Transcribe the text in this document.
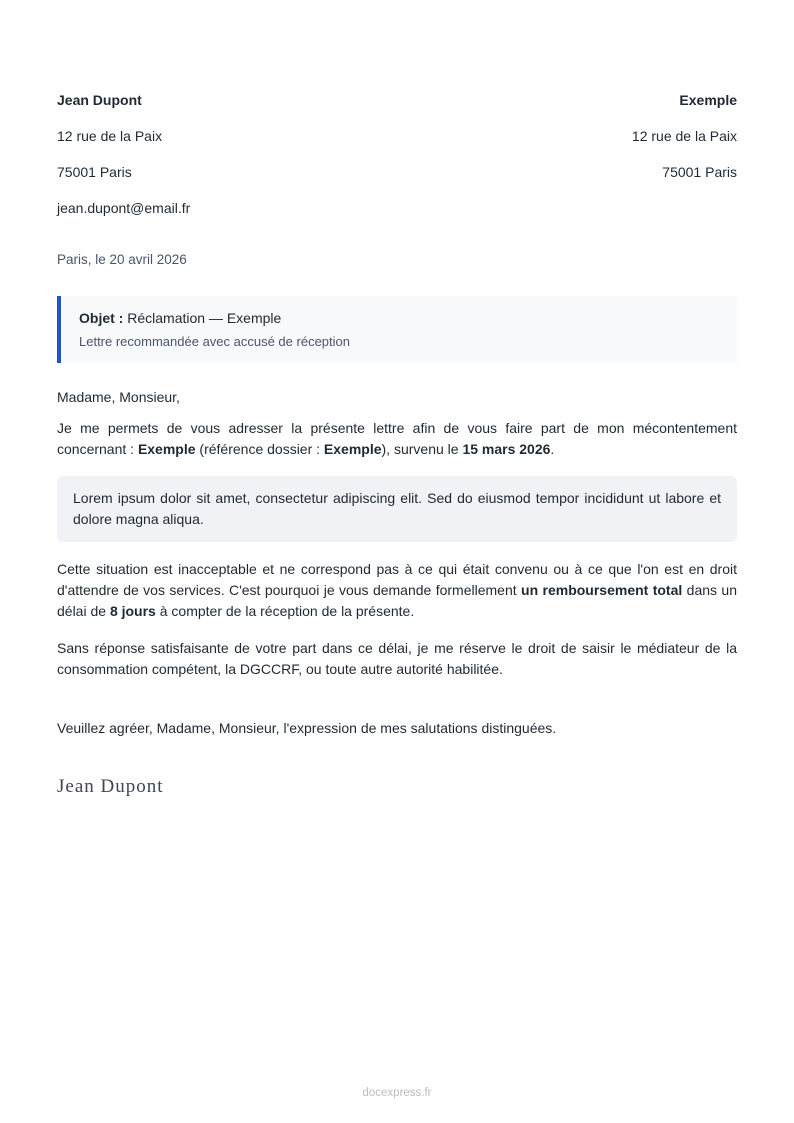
Jean Dupont

12 rue de la Paix

75001 Paris

jean.dupont@email.fr

Exemple

12 rue de la Paix

75001 Paris

Paris, le 20 avril 2026

Objet : Réclamation — Exemple

Lettre recommandée avec accusé de réception

Madame, Monsieur,

Je me permets de vous adresser la présente lettre afin de vous faire part de mon mécontentement concernant : Exemple (référence dossier : Exemple), survenu le 15 mars 2026.

Lorem ipsum dolor sit amet, consectetur adipiscing elit. Sed do eiusmod tempor incididunt ut labore et dolore magna aliqua.

Cette situation est inacceptable et ne correspond pas à ce qui était convenu ou à ce que l'on est en droit d'attendre de vos services. C'est pourquoi je vous demande formellement un remboursement total dans un délai de 8 jours à compter de la réception de la présente.

Sans réponse satisfaisante de votre part dans ce délai, je me réserve le droit de saisir le médiateur de la consommation compétent, la DGCCRF, ou toute autre autorité habilitée.

Veuillez agréer, Madame, Monsieur, l'expression de mes salutations distinguées.

Jean Dupont
docexpress.fr
